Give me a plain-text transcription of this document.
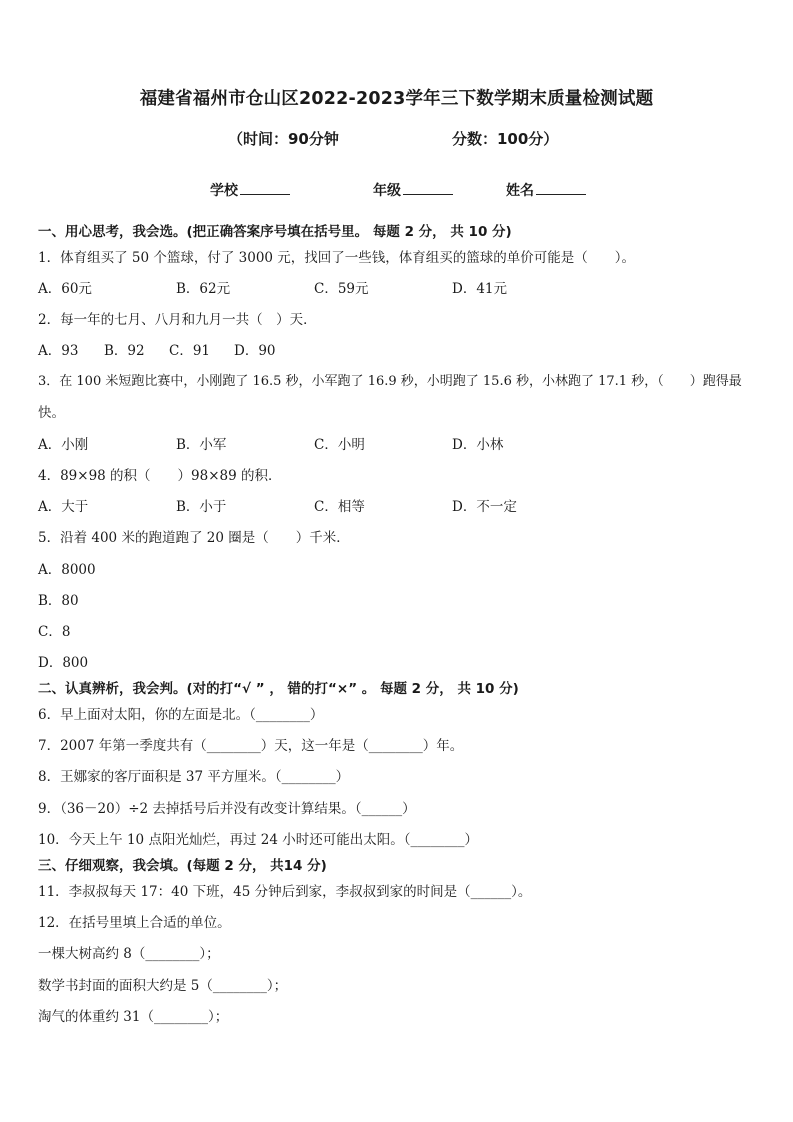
福建省福州市仓山区2022-2023学年三下数学期末质量检测试题
（时间：90分钟	分数：100分）
学校	年级	姓名
一、用心思考，我会选。(把正确答案序号填在括号里。 每题 2 分， 共 10 分)
1．体育组买了 50 个篮球，付了 3000 元，找回了一些钱，体育组买的篮球的单价可能是（　　）。
A．60元	B．62元	C．59元	D．41元
2．每一年的七月、八月和九月一共（　）天．
A．93 B．92 C．91 D．90
3．在 100 米短跑比赛中，小刚跑了 16.5 秒，小军跑了 16.9 秒，小明跑了 15.6 秒，小林跑了 17.1 秒，（　　）跑得最
快。
A．小刚	B．小军	C．小明	D．小林
4．89×98 的积（　　）98×89 的积．
A．大于	B．小于	C．相等	D．不一定
5．沿着 400 米的跑道跑了 20 圈是（　　）千米．
A．8000
B．80
C．8
D．800
二、认真辨析，我会判。(对的打“√ ” ， 错的打“×” 。 每题 2 分， 共 10 分)
6．早上面对太阳，你的左面是北。（________）
7．2007 年第一季度共有（________）天，这一年是（________）年。
8．王娜家的客厅面积是 37 平方厘米。（________）
9．（36－20）÷2 去掉括号后并没有改变计算结果。（______）
10．今天上午 10 点阳光灿烂，再过 24 小时还可能出太阳。（________）
三、仔细观察，我会填。(每题 2 分， 共14 分)
11．李叔叔每天 17：40 下班，45 分钟后到家，李叔叔到家的时间是（______）。
12．在括号里填上合适的单位。
一棵大树高约 8（________）；
数学书封面的面积大约是 5（________）；
淘气的体重约 31（________）；
